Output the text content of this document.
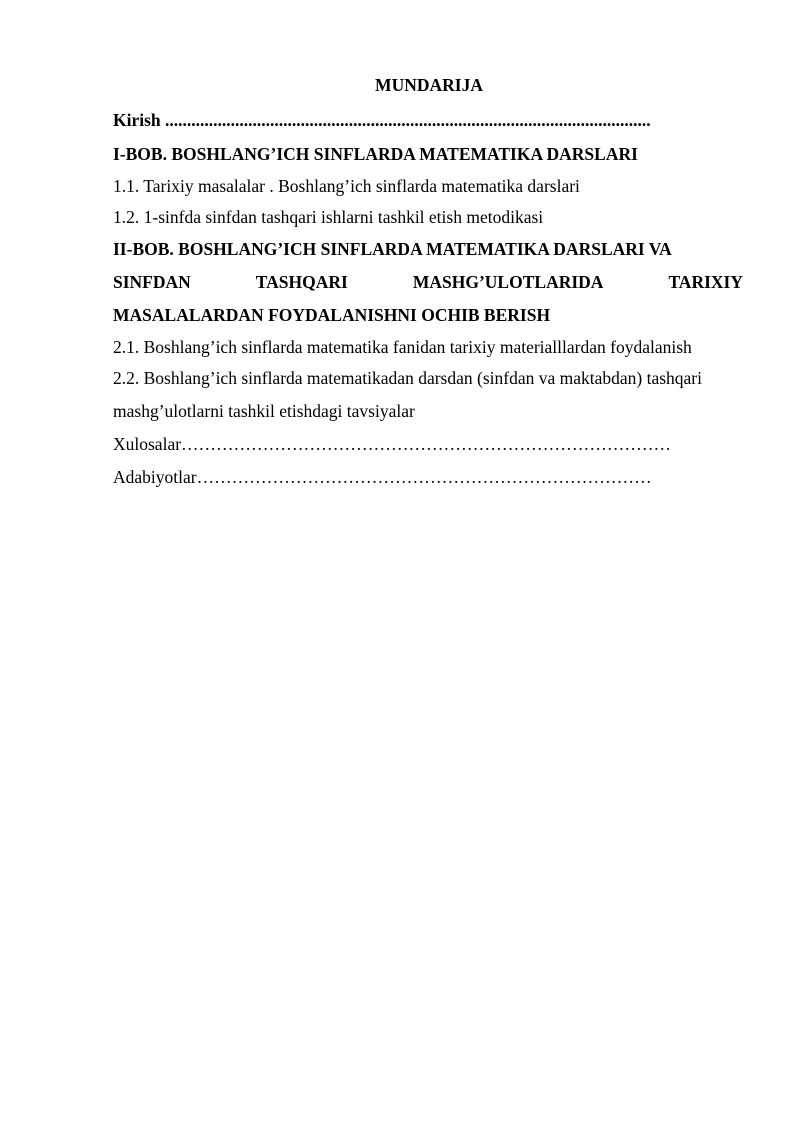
MUNDARIJA
Kirish ...............................................................................................................
I-BOB. BOSHLANG’ICH SINFLARDA MATEMATIKA DARSLARI
1.1. Tarixiy masalalar . Boshlang’ich sinflarda matematika darslari
1.2. 1-sinfda sinfdan tashqari ishlarni tashkil etish metodikasi
II-BOB. BOSHLANG’ICH SINFLARDA MATEMATIKA DARSLARI VA
SINFDAN	TASHQARI	MASHG’ULOTLARIDA	TARIXIY
MASALALARDAN FOYDALANISHNI OCHIB BERISH
2.1. Boshlang’ich sinflarda matematika fanidan tarixiy materialllardan foydalanish
2.2. Boshlang’ich sinflarda matematikadan darsdan (sinfdan va maktabdan) tashqari
mashg’ulotlarni tashkil etishdagi tavsiyalar
Xulosalar…………………………………………………………………………
Adabiyotlar……………………………………………………………………
